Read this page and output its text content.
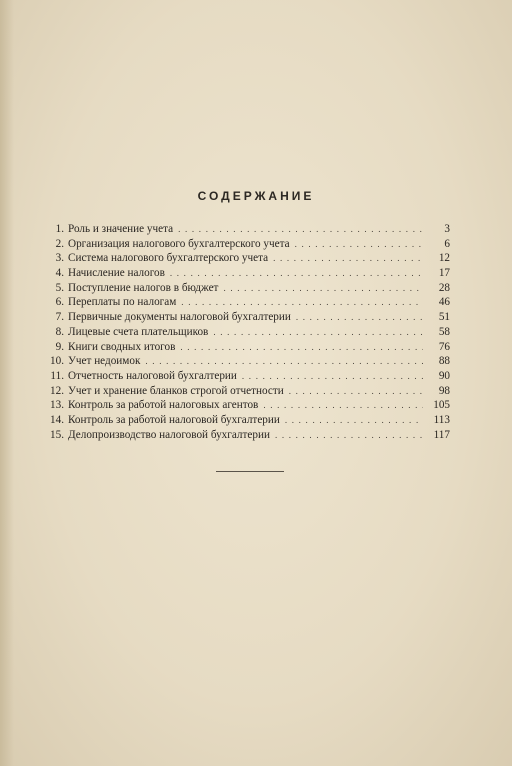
СОДЕРЖАНИЕ
1. Роль и значение учета . . .	3
2. Организация налогового бухгалтерского учета . . .	6
3. Система налогового бухгалтерского учета . . .	12
4. Начисление налогов . . .	17
5. Поступление налогов в бюджет . . .	28
6. Переплаты по налогам . . .	46
7. Первичные документы налоговой бухгалтерии . . .	51
8. Лицевые счета плательщиков . . .	58
9. Книги сводных итогов . . .	76
10. Учет недоимок . . .	88
11. Отчетность налоговой бухгалтерии . . .	90
12. Учет и хранение бланков строгой отчетности . . .	98
13. Контроль за работой налоговых агентов . . .	105
14. Контроль за работой налоговой бухгалтерии . . .	113
15. Делопроизводство налоговой бухгалтерии . . .	117
